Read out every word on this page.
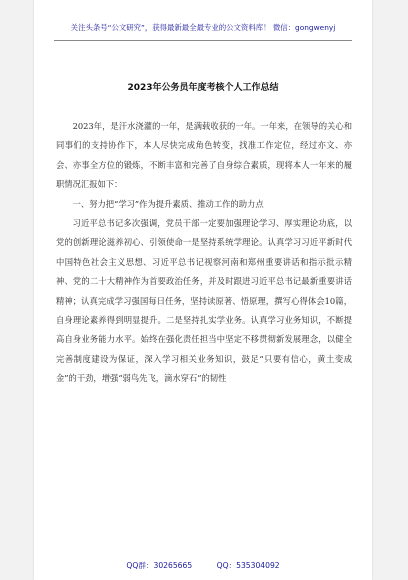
关注头条号“公文研究”，获得最新最全最专业的公文资料库！ 微信：gongwenyj
2023年公务员年度考核个人工作总结

2023年，是汗水浇灌的一年，是满载收获的一年。一年来，在领导的关心和同事们的支持协作下，本人尽快完成角色转变，找准工作定位，经过亦文、亦会、亦事全方位的锻炼，不断丰富和完善了自身综合素质，现将本人一年来的履职情况汇报如下：

一、努力把“学习”作为提升素质、推动工作的助力点

习近平总书记多次强调，党员干部一定要加强理论学习、厚实理论功底，以党的创新理论滋养初心、引领使命一是坚持系统学理论。认真学习习近平新时代中国特色社会主义思想、习近平总书记视察河南和郑州重要讲话和指示批示精神、党的二十大精神作为首要政治任务，并及时跟进习近平总书记最新重要讲话精神；认真完成学习强国每日任务，坚持读原著、悟原理，撰写心得体会10篇，自身理论素养得到明显提升。二是坚持扎实学业务。认真学习业务知识，不断提高自身业务能力水平。始终在强化责任担当中坚定不移贯彻新发展理念，以健全完善制度建设为保证，深入学习相关业务知识，鼓足“只要有信心，黄土变成金”的干劲，增强“弱鸟先飞，滴水穿石”的韧性

QQ群：30265665	QQ：535304092
